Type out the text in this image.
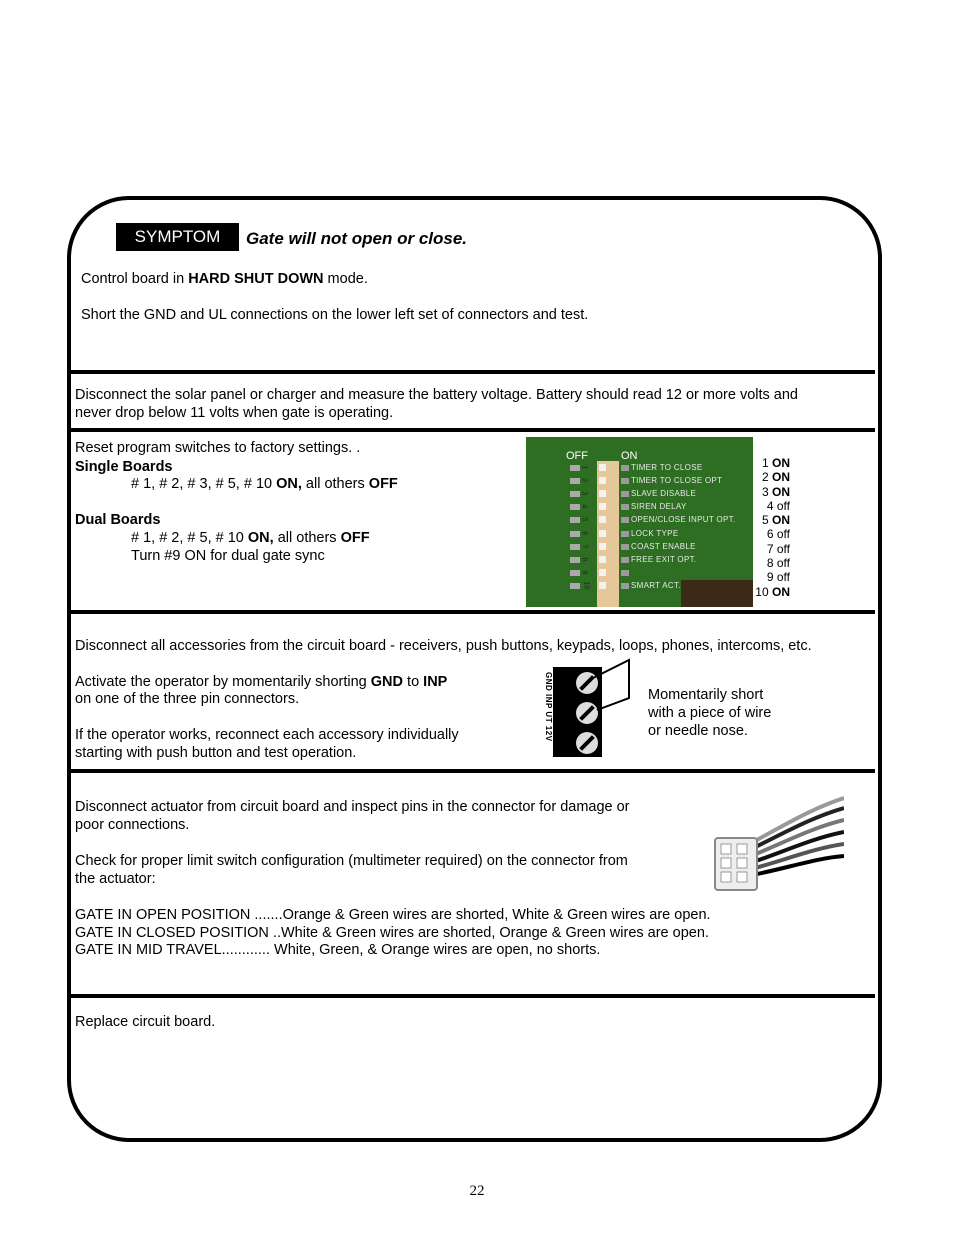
SYMPTOM	Gate will not open or close.
Control board in HARD SHUT DOWN mode.
Short the GND and UL connections on the lower left set of connectors and test.
Disconnect the solar panel or charger and measure the battery voltage. Battery should read 12 or more volts and
never drop below 11 volts when gate is operating.
Reset program switches to factory settings. .
Single Boards
# 1, # 2, # 3, # 5, # 10 ON, all others OFF
Dual Boards
# 1, # 2, # 5, # 10 ON, all others OFF
Turn #9 ON for dual gate sync
OFF	ON
1	TIMER TO CLOSE
2	TIMER TO CLOSE OPT
3	SLAVE DISABLE
4	SIREN DELAY
5	OPEN/CLOSE INPUT OPT.
6	LOCK TYPE
7	COAST ENABLE
8	FREE EXIT OPT.
9
10	SMART ACT.
1 ON
2 ON
3 ON
4 off
5 ON
6 off
7 off
8 off
9 off
10 ON
Disconnect all accessories from the circuit board - receivers, push buttons, keypads, loops, phones, intercoms, etc.
Activate the operator by momentarily shorting GND to INP
on one of the three pin connectors.
If the operator works, reconnect each accessory individually
starting with push button and test operation.
GND INP UT 12V	Momentarily short
with a piece of wire
or needle nose.
Disconnect actuator from circuit board and inspect pins in the connector for damage or
poor connections.
Check for proper limit switch configuration (multimeter required) on the connector from
the actuator:
GATE IN OPEN POSITION .......Orange & Green wires are shorted, White & Green wires are open.
GATE IN CLOSED POSITION ..White & Green wires are shorted, Orange & Green wires are open.
GATE IN MID TRAVEL............ White, Green, & Orange wires are open, no shorts.
Replace circuit board.
22
